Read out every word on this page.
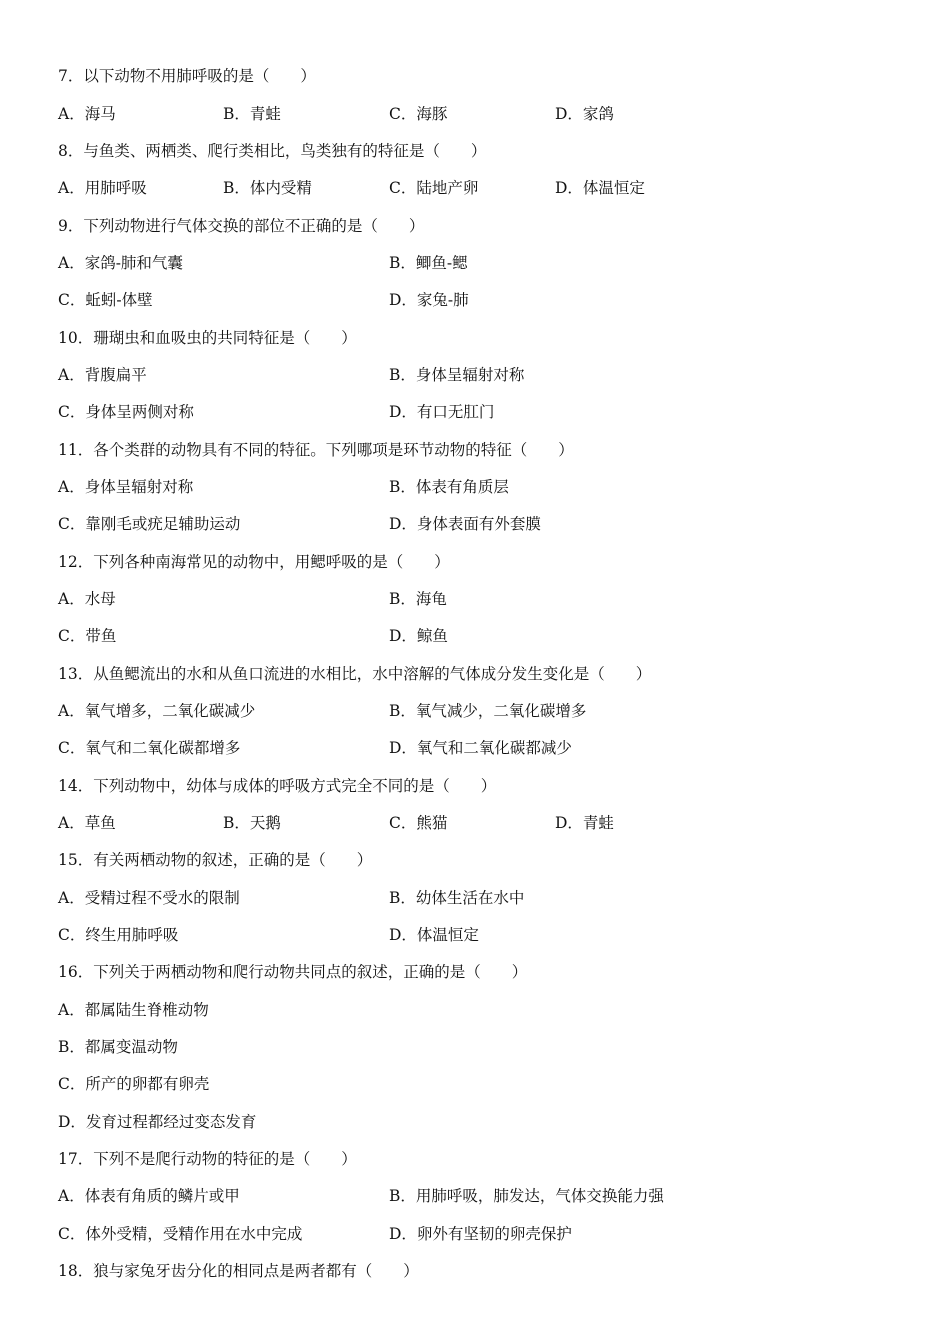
7．以下动物不用肺呼吸的是（　　）
A．海马	B．青蛙	C．海豚	D．家鸽
8．与鱼类、两栖类、爬行类相比，鸟类独有的特征是（　　）
A．用肺呼吸	B．体内受精	C．陆地产卵	D．体温恒定
9．下列动物进行气体交换的部位不正确的是（　　）
A．家鸽-肺和气囊	B．鲫鱼-鳃
C．蚯蚓-体壁	D．家兔-肺
10．珊瑚虫和血吸虫的共同特征是（　　）
A．背腹扁平	B．身体呈辐射对称
C．身体呈两侧对称	D．有口无肛门
11．各个类群的动物具有不同的特征。下列哪项是环节动物的特征（　　）
A．身体呈辐射对称	B．体表有角质层
C．靠刚毛或疣足辅助运动	D．身体表面有外套膜
12．下列各种南海常见的动物中，用鳃呼吸的是（　　）
A．水母	B．海龟
C．带鱼	D．鲸鱼
13．从鱼鳃流出的水和从鱼口流进的水相比，水中溶解的气体成分发生变化是（　　）
A．氧气增多，二氧化碳减少	B．氧气减少，二氧化碳增多
C．氧气和二氧化碳都增多	D．氧气和二氧化碳都减少
14．下列动物中，幼体与成体的呼吸方式完全不同的是（　　）
A．草鱼	B．天鹅	C．熊猫	D．青蛙
15．有关两栖动物的叙述，正确的是（　　）
A．受精过程不受水的限制	B．幼体生活在水中
C．终生用肺呼吸	D．体温恒定
16．下列关于两栖动物和爬行动物共同点的叙述，正确的是（　　）
A．都属陆生脊椎动物
B．都属变温动物
C．所产的卵都有卵壳
D．发育过程都经过变态发育
17．下列不是爬行动物的特征的是（　　）
A．体表有角质的鳞片或甲	B．用肺呼吸，肺发达，气体交换能力强
C．体外受精，受精作用在水中完成	D．卵外有坚韧的卵壳保护
18．狼与家兔牙齿分化的相同点是两者都有（　　）
